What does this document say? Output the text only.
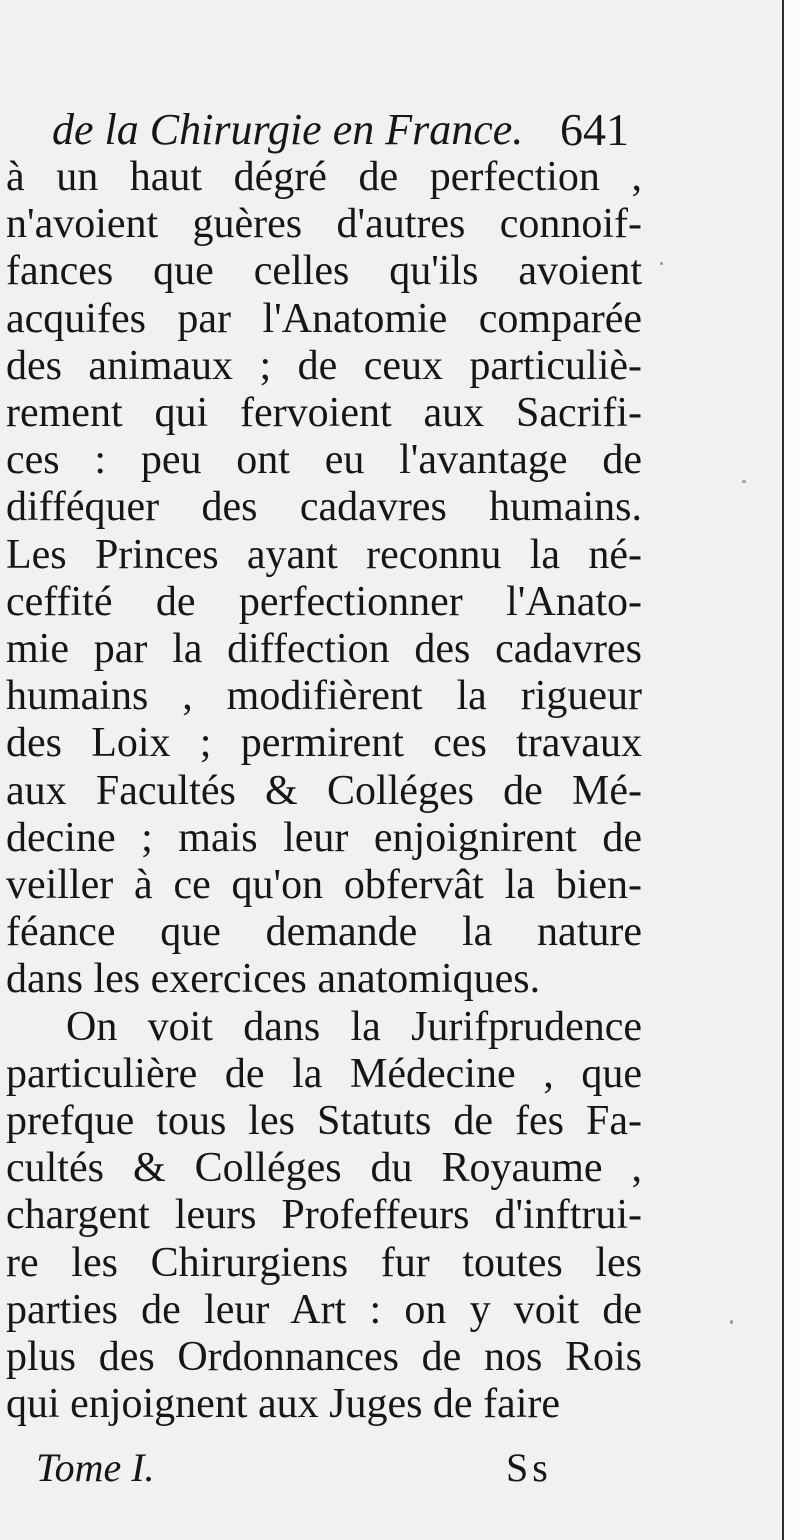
de la Chirurgie en France. 641
à un haut dégré de perfection ,
n'avoient guères d'autres connoif-
fances que celles qu'ils avoient
acquifes par l'Anatomie comparée
des animaux ; de ceux particuliè-
rement qui fervoient aux Sacrifi-
ces : peu ont eu l'avantage de
difféquer des cadavres humains.
Les Princes ayant reconnu la né-
ceffité de perfectionner l'Anato-
mie par la diffection des cadavres
humains , modifièrent la rigueur
des Loix ; permirent ces travaux
aux Facultés & Colléges de Mé-
decine ; mais leur enjoignirent de
veiller à ce qu'on obfervât la bien-
féance que demande la nature
dans les exercices anatomiques.
On voit dans la Jurifprudence
particulière de la Médecine , que
prefque tous les Statuts de fes Fa-
cultés & Colléges du Royaume ,
chargent leurs Profeffeurs d'inftrui-
re les Chirurgiens fur toutes les
parties de leur Art : on y voit de
plus des Ordonnances de nos Rois
qui enjoignent aux Juges de faire
Tome I.	Ss
